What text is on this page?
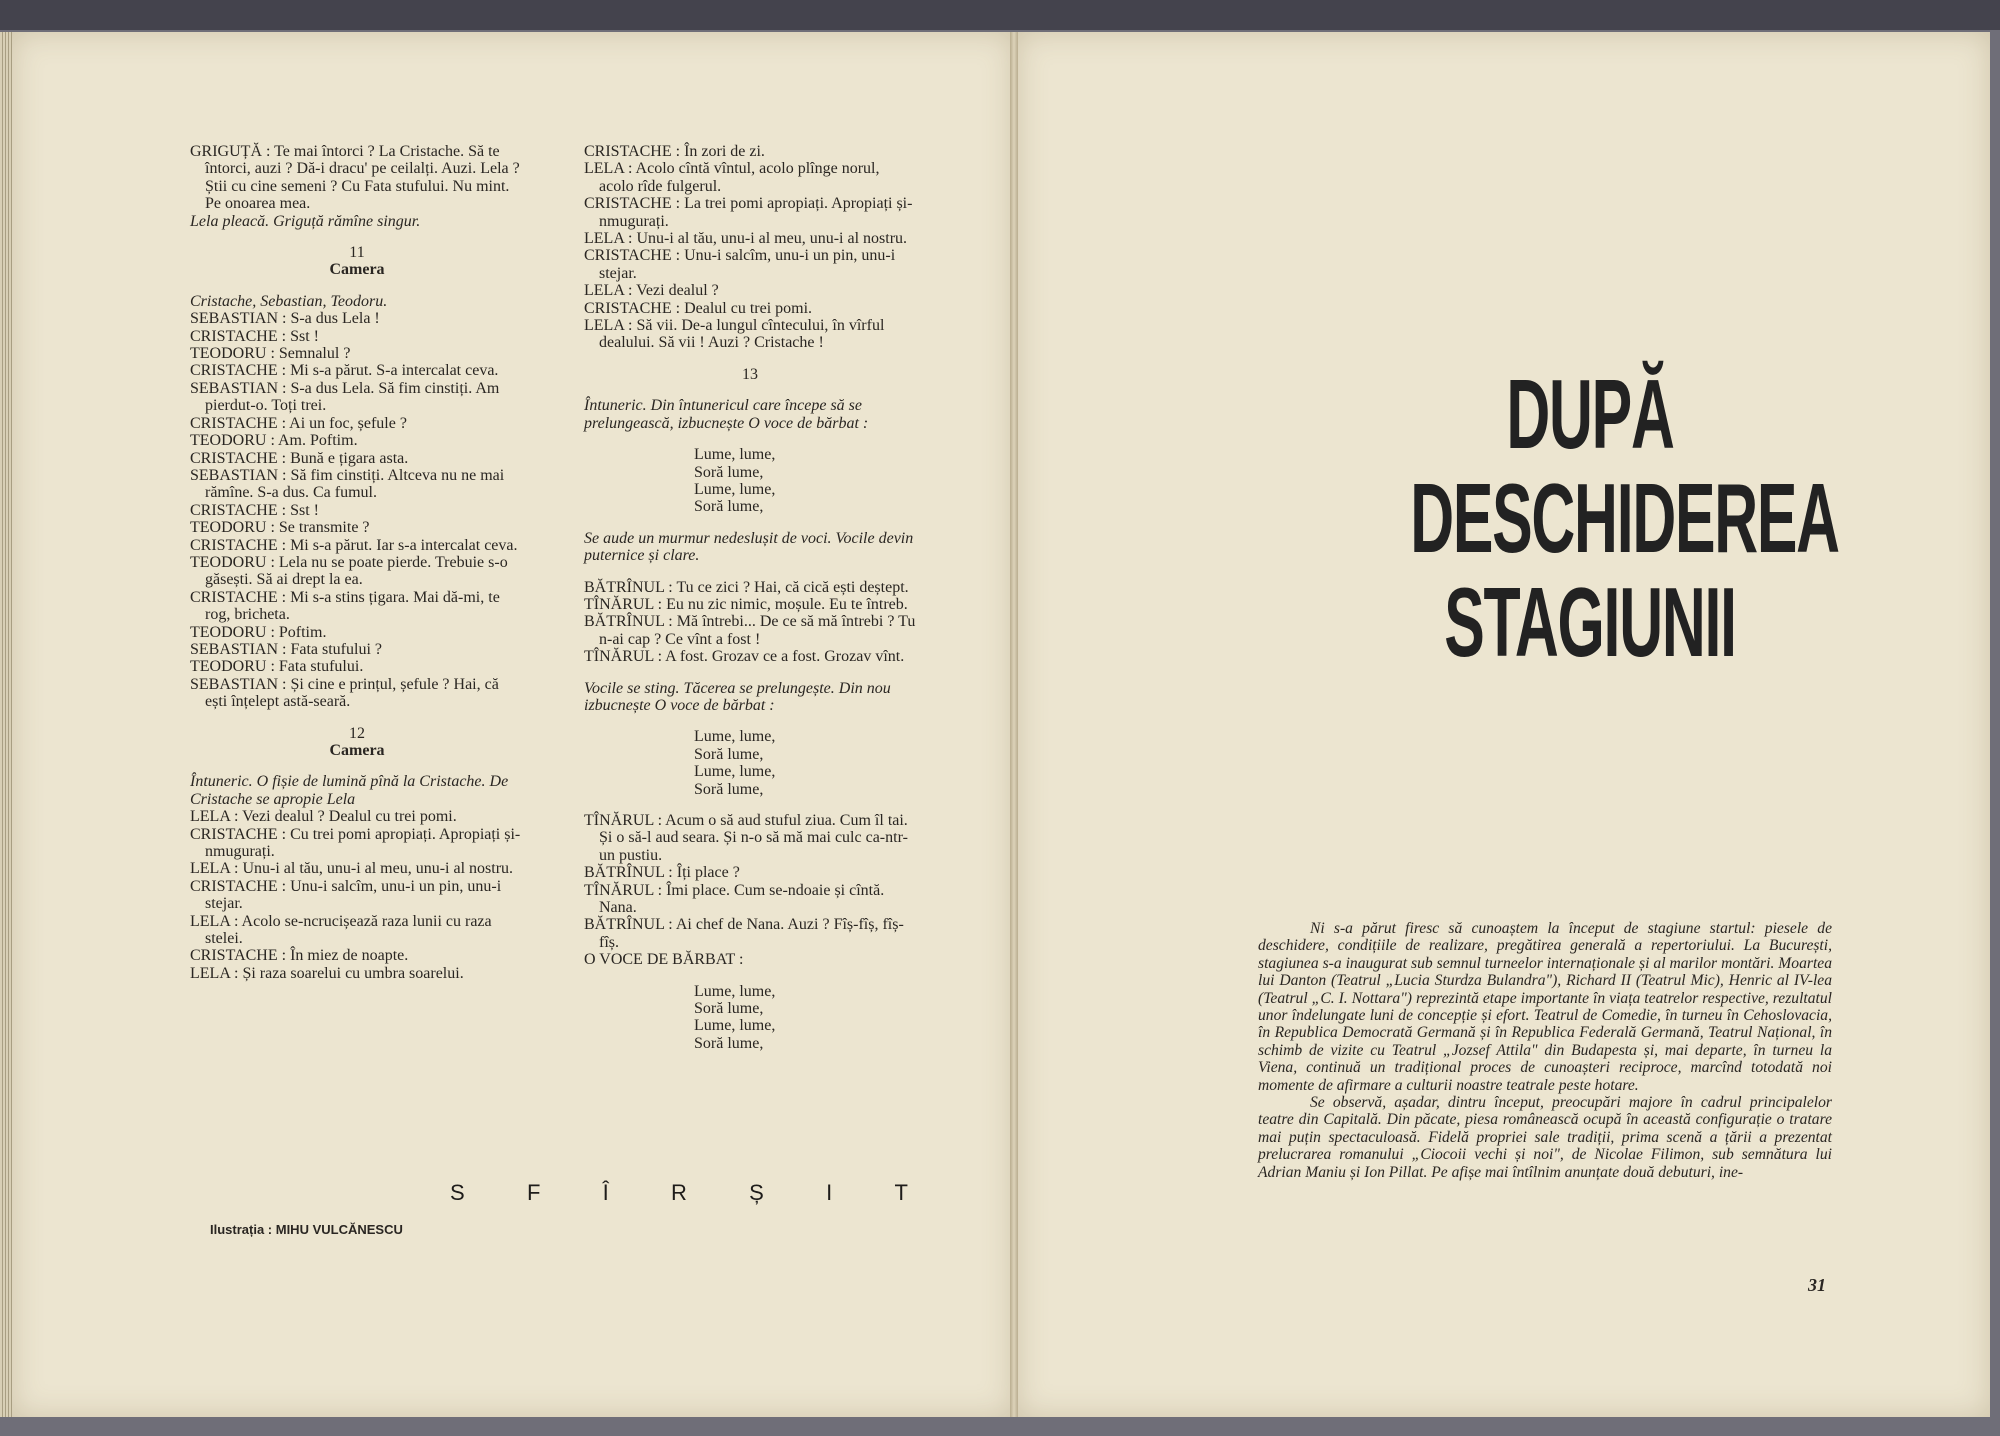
GRIGUȚĂ : Te mai întorci ? La Cristache. Să te întorci, auzi ? Dă-i dracu' pe ceilalți. Auzi. Lela ? Știi cu cine semeni ? Cu Fata stufului. Nu mint. Pe onoarea mea.

Lela pleacă. Griguță rămîne singur.

11

Camera

Cristache, Sebastian, Teodoru.

SEBASTIAN : S-a dus Lela !

CRISTACHE : Sst !

TEODORU : Semnalul ?

CRISTACHE : Mi s-a părut. S-a intercalat ceva.

SEBASTIAN : S-a dus Lela. Să fim cinstiți. Am pierdut-o. Toți trei.

CRISTACHE : Ai un foc, șefule ?

TEODORU : Am. Poftim.

CRISTACHE : Bună e țigara asta.

SEBASTIAN : Să fim cinstiți. Altceva nu ne mai rămîne. S-a dus. Ca fumul.

CRISTACHE : Sst !

TEODORU : Se transmite ?

CRISTACHE : Mi s-a părut. Iar s-a intercalat ceva.

TEODORU : Lela nu se poate pierde. Trebuie s-o găsești. Să ai drept la ea.

CRISTACHE : Mi s-a stins țigara. Mai dă-mi, te rog, bricheta.

TEODORU : Poftim.

SEBASTIAN : Fata stufului ?

TEODORU : Fata stufului.

SEBASTIAN : Și cine e prințul, șefule ? Hai, că ești înțelept astă-seară.

12

Camera

Întuneric. O fișie de lumină pînă la Cristache. De Cristache se apropie Lela

LELA : Vezi dealul ? Dealul cu trei pomi.

CRISTACHE : Cu trei pomi apropiați. Apropiați și-nmugurați.

LELA : Unu-i al tău, unu-i al meu, unu-i al nostru.

CRISTACHE : Unu-i salcîm, unu-i un pin, unu-i stejar.

LELA : Acolo se-ncrucișează raza lunii cu raza stelei.

CRISTACHE : În miez de noapte.

LELA : Și raza soarelui cu umbra soarelui.

CRISTACHE : În zori de zi.

LELA : Acolo cîntă vîntul, acolo plînge norul, acolo rîde fulgerul.

CRISTACHE : La trei pomi apropiați. Apropiați și-nmugurați.

LELA : Unu-i al tău, unu-i al meu, unu-i al nostru.

CRISTACHE : Unu-i salcîm, unu-i un pin, unu-i stejar.

LELA : Vezi dealul ?

CRISTACHE : Dealul cu trei pomi.

LELA : Să vii. De-a lungul cîntecului, în vîrful dealului. Să vii ! Auzi ? Cristache !

13

Întuneric. Din întunericul care începe să se prelungească, izbucnește O voce de bărbat :

Lume, lume,

Soră lume,

Lume, lume,

Soră lume,

Se aude un murmur nedeslușit de voci. Vocile devin puternice și clare.

BĂTRÎNUL : Tu ce zici ? Hai, că cică ești deștept.

TÎNĂRUL : Eu nu zic nimic, moșule. Eu te întreb.

BĂTRÎNUL : Mă întrebi... De ce să mă întrebi ? Tu n-ai cap ? Ce vînt a fost !

TÎNĂRUL : A fost. Grozav ce a fost. Grozav vînt.

Vocile se sting. Tăcerea se prelungește. Din nou izbucnește O voce de bărbat :

Lume, lume,

Soră lume,

Lume, lume,

Soră lume,

TÎNĂRUL : Acum o să aud stuful ziua. Cum îl tai. Și o să-l aud seara. Și n-o să mă mai culc ca-ntr-un pustiu.

BĂTRÎNUL : Îți place ?

TÎNĂRUL : Îmi place. Cum se-ndoaie și cîntă. Nana.

BĂTRÎNUL : Ai chef de Nana. Auzi ? Fîș-fîș, fîș-fîș.

O VOCE DE BĂRBAT :

Lume, lume,

Soră lume,

Lume, lume,

Soră lume,

S	F	Î	R	Ș	I	T
Ilustrația : MIHU VULCĂNESCU
DUPĂ
DESCHIDEREA
STAGIUNII

Ni s-a părut firesc să cunoaștem la început de stagiune startul: piesele de deschidere, condițiile de realizare, pregătirea generală a repertoriului. La București, stagiunea s-a inaugurat sub semnul turneelor internaționale și al marilor montări. Moartea lui Danton (Teatrul „Lucia Sturdza Bulandra"), Richard II (Teatrul Mic), Henric al IV-lea (Teatrul „C. I. Nottara") reprezintă etape importante în viața teatrelor respective, rezultatul unor îndelungate luni de concepție și efort. Teatrul de Comedie, în turneu în Cehoslovacia, în Republica Democrată Germană și în Republica Federală Germană, Teatrul Național, în schimb de vizite cu Teatrul „Jozsef Attila" din Budapesta și, mai departe, în turneu la Viena, continuă un tradițional proces de cunoașteri reciproce, marcînd totodată noi momente de afirmare a culturii noastre teatrale peste hotare.

Se observă, așadar, dintru început, preocupări majore în cadrul principalelor teatre din Capitală. Din păcate, piesa românească ocupă în această configurație o tratare mai puțin spectaculoasă. Fidelă propriei sale tradiții, prima scenă a țării a prezentat prelucrarea romanului „Ciocoii vechi și noi", de Nicolae Filimon, sub semnătura lui Adrian Maniu și Ion Pillat. Pe afișe mai întîlnim anunțate două debuturi, ine-

31
